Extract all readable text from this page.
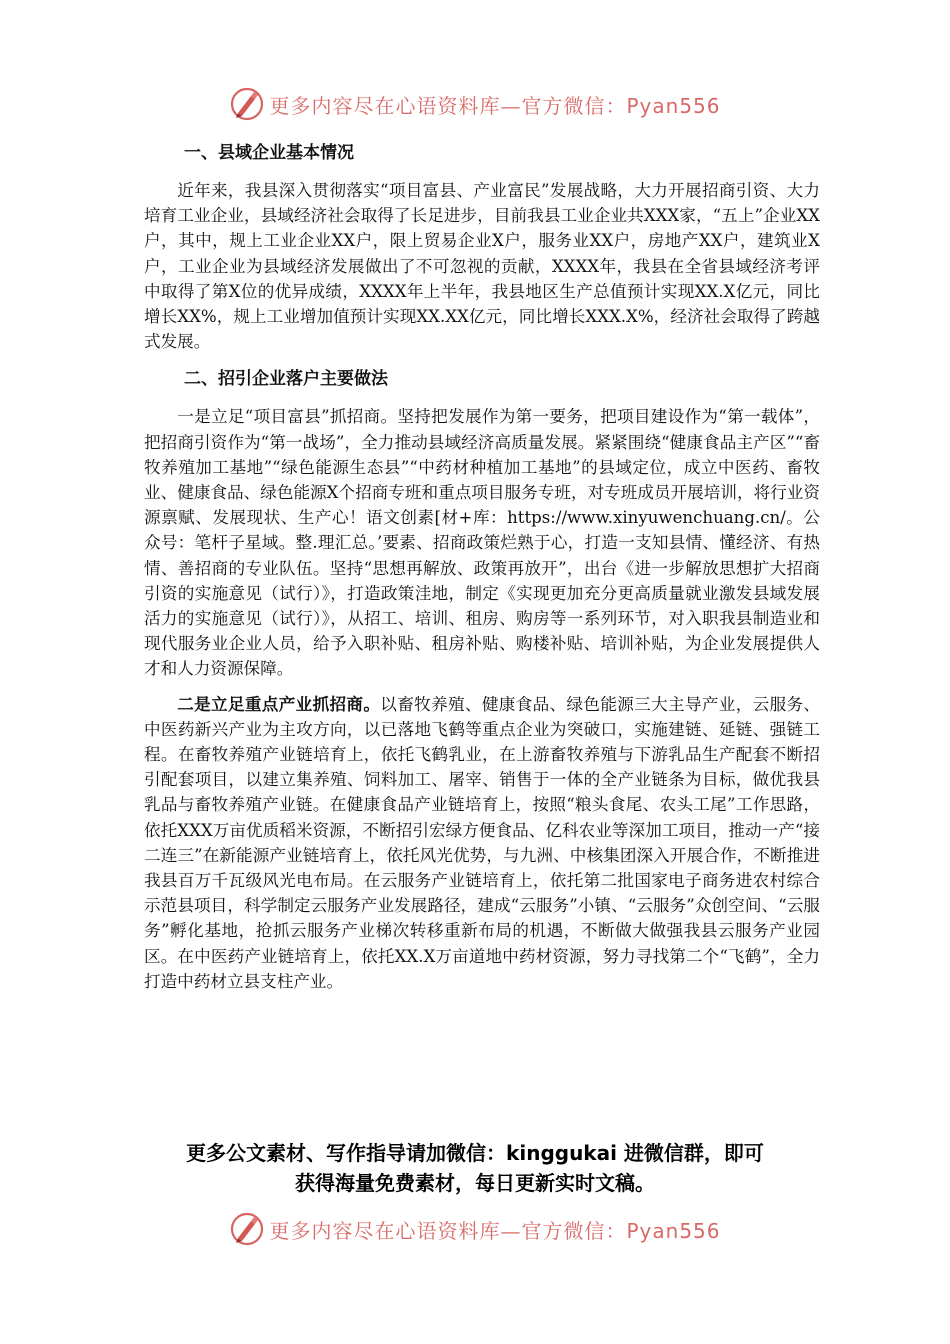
更多内容尽在心语资料库—官方微信：Pyan556
一、县域企业基本情况

近年来，我县深入贯彻落实“项目富县、产业富民”发展战略，大力开展招商引资、大力培育工业企业，县域经济社会取得了长足进步，目前我县工业企业共XXX家，“五上”企业XX户，其中，规上工业企业XX户，限上贸易企业X户，服务业XX户，房地产XX户，建筑业X户，工业企业为县域经济发展做出了不可忽视的贡献，XXXX年，我县在全省县域经济考评中取得了第X位的优异成绩，XXXX年上半年，我县地区生产总值预计实现XX.X亿元，同比增长XX%，规上工业增加值预计实现XX.XX亿元，同比增长XXX.X%，经济社会取得了跨越式发展。

二、招引企业落户主要做法

一是立足“项目富县”抓招商。坚持把发展作为第一要务，把项目建设作为“第一载体”，把招商引资作为“第一战场”，全力推动县域经济高质量发展。紧紧围绕“健康食品主产区”“畜牧养殖加工基地”“绿色能源生态县”“中药材种植加工基地”的县域定位，成立中医药、畜牧业、健康食品、绿色能源X个招商专班和重点项目服务专班，对专班成员开展培训，将行业资源禀赋、发展现状、生产心！语文创素[材+库：https://www.xinyuwenchuang.cn/。公众号：笔杆子星域。整.理汇总。’要素、招商政策烂熟于心，打造一支知县情、懂经济、有热情、善招商的专业队伍。坚持“思想再解放、政策再放开”，出台《进一步解放思想扩大招商引资的实施意见（试行）》，打造政策洼地，制定《实现更加充分更高质量就业激发县域发展活力的实施意见（试行）》，从招工、培训、租房、购房等一系列环节，对入职我县制造业和现代服务业企业人员，给予入职补贴、租房补贴、购楼补贴、培训补贴，为企业发展提供人才和人力资源保障。

二是立足重点产业抓招商。以畜牧养殖、健康食品、绿色能源三大主导产业，云服务、中医药新兴产业为主攻方向，以已落地飞鹤等重点企业为突破口，实施建链、延链、强链工程。在畜牧养殖产业链培育上，依托飞鹤乳业，在上游畜牧养殖与下游乳品生产配套不断招引配套项目，以建立集养殖、饲料加工、屠宰、销售于一体的全产业链条为目标，做优我县乳品与畜牧养殖产业链。在健康食品产业链培育上，按照“粮头食尾、农头工尾”工作思路，依托XXX万亩优质稻米资源，不断招引宏绿方便食品、亿科农业等深加工项目，推动一产“接二连三”在新能源产业链培育上，依托风光优势，与九洲、中核集团深入开展合作，不断推进我县百万千瓦级风光电布局。在云服务产业链培育上，依托第二批国家电子商务进农村综合示范县项目，科学制定云服务产业发展路径，建成“云服务”小镇、“云服务”众创空间、“云服务”孵化基地，抢抓云服务产业梯次转移重新布局的机遇，不断做大做强我县云服务产业园区。在中医药产业链培育上，依托XX.X万亩道地中药材资源，努力寻找第二个“飞鹤”，全力打造中药材立县支柱产业。

更多公文素材、写作指导请加微信：kinggukai 进微信群，即可
获得海量免费素材，每日更新实时文稿。
更多内容尽在心语资料库—官方微信：Pyan556
